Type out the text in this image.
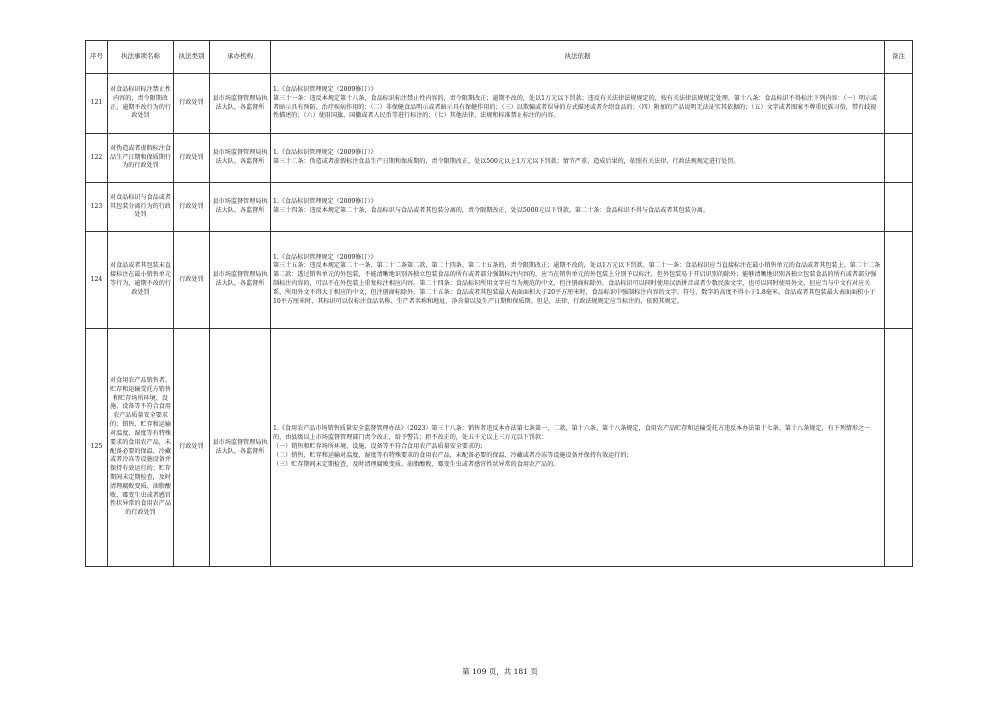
序号	执法事项名称	执法类别	承办机构	执法依据	备注
121	对食品标识标注禁止性内容的，责令限期改正，逾期不改行为的行政处罚	行政处罚	县市场监督管理局执法大队、各监督所	1.《食品标识管理规定（2009修订）》
第三十一条：违反本规定第十八条，食品标识标注禁止性内容的，责令限期改正；逾期不改的，处以1万元以下罚款；违反有关法律法规规定的，按有关法律法规规定处理。第十八条：食品标识不得标注下列内容：（一）明示或者暗示具有预防、治疗疾病作用的；（二）非保健食品明示或者暗示具有保健作用的；（三）以欺骗或者误导的方式描述或者介绍食品的；（四）附加的产品说明无法证实其依据的；（五）文字或者图案不尊重民族习俗，带有歧视性描述的；（六）使用国旗、国徽或者人民币等进行标注的；（七）其他法律、法规和标准禁止标注的内容。	

122	对伪造或者虚假标注食品生产日期和保质期行为的行政处罚	行政处罚	县市场监督管理局执法大队、各监督所	1.《食品标识管理规定（2009修订）》
第三十二条：伪造或者虚假标注食品生产日期和保质期的，责令限期改正，处以500元以上1万元以下罚款；情节严重，造成后果的，依照有关法律、行政法规规定进行处罚。	

123	对食品标识与食品或者其包装分离行为的行政处罚	行政处罚	县市场监督管理局执法大队、各监督所	1.《食品标识管理规定（2009修订）》
第三十四条：违反本规定第二十条，食品标识与食品或者其包装分离的，责令限期改正，处以5000元以下罚款。第二十条：食品标识不得与食品或者其包装分离。	

124	对食品或者其包装未直接标注在最小销售单元等行为，逾期不改的行政处罚	行政处罚	县市场监督管理局执法大队、各监督所	1.《食品标识管理规定（2009修订）》
第三十五条：违反本规定第二十一条、第二十二条第二款、第二十四条、第二十五条的，责令限期改正；逾期不改的，处以1万元以下罚款。第二十一条：食品标识应当直接标注在最小销售单元的食品或者其包装上。第二十二条第二款：透过销售单元的外包装，不能清晰地识别各独立包装食品的所有或者部分强制标注内容的，应当在销售单元的外包装上分别予以标注，但外包装易于开启识别的除外；能够清晰地识别各独立包装食品的所有或者部分强制标注内容的，可以不在外包装上重复标注相应内容。第二十四条：食品标识所用文字应当为规范的中文，但注册商标除外。食品标识可以同时使用汉语拼音或者少数民族文字，也可以同时使用外文，但应当与中文有对应关系，所用外文不得大于相应的中文，但注册商标除外。第二十五条：食品或者其包装最大表面面积大于20平方厘米时，食品标识中强制标注内容的文字、符号、数字的高度不得小于1.8毫米。食品或者其包装最大表面面积小于10平方厘米时，其标识可以仅标注食品名称、生产者名称和地址、净含量以及生产日期和保质期。但是，法律、行政法规规定应当标注的，依照其规定。	

125	对食用农产品销售者、贮存和运输受托方销售和贮存场所环境、设施、设备等不符合食用农产品质量安全要求的；销售、贮存和运输对温度、湿度等有特殊要求的食用农产品，未配备必要的保温、冷藏或者冷冻等设施设备并保持有效运行的；贮存期间未定期检查，及时清理腐败变质、油脂酸败、霉变生虫或者感官性状异常的食用农产品的行政处罚	行政处罚	县市场监督管理局执法大队、各监督所	1.《食用农产品市场销售质量安全监督管理办法》（2023）第三十八条：销售者违反本办法第七条第一、二款、第十六条、第十八条规定，食用农产品贮存和运输受托方违反本办法第十七条、第十八条规定，有下列情形之一的，由县级以上市场监督管理部门责令改正，给予警告；拒不改正的，处五千元以上三万元以下罚款：
（一）销售和贮存场所环境、设施、设备等不符合食用农产品质量安全要求的；
（二）销售、贮存和运输对温度、湿度等有特殊要求的食用农产品，未配备必要的保温、冷藏或者冷冻等设施设备并保持有效运行的；
（三）贮存期间未定期检查，及时清理腐败变质、油脂酸败、霉变生虫或者感官性状异常的食用农产品的。	

第 109 页，共 181 页
